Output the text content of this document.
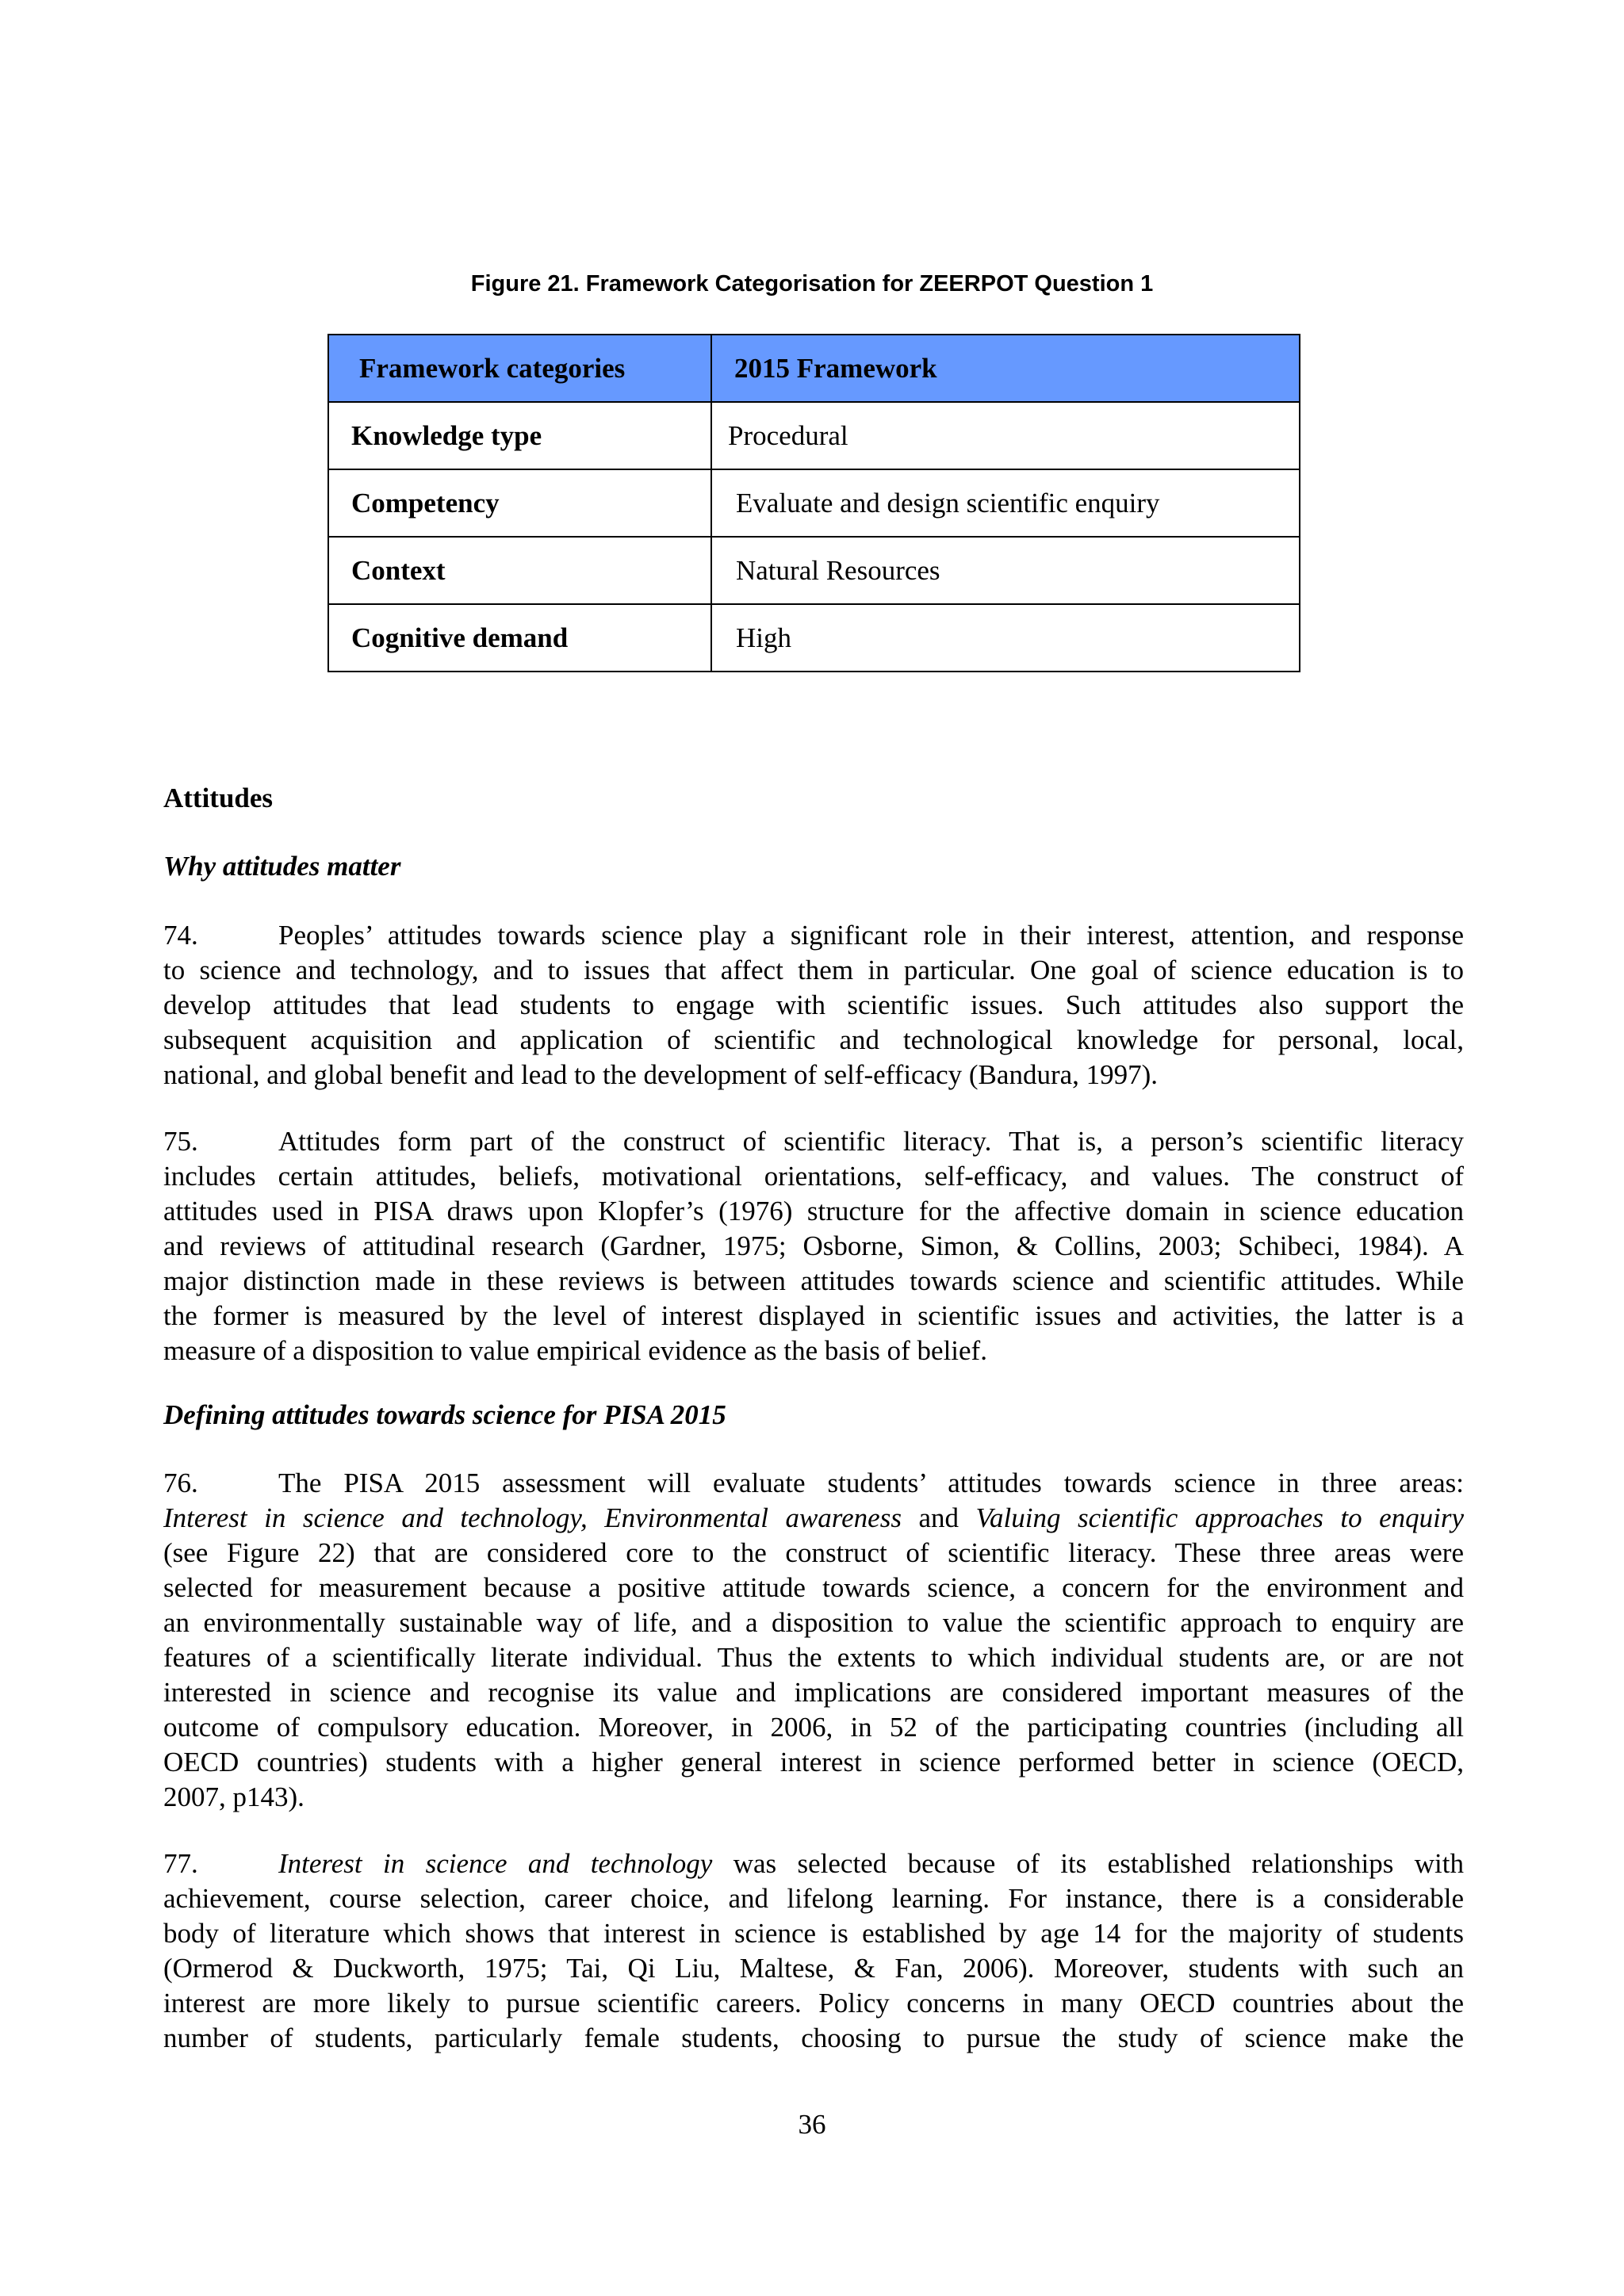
Figure 21. Framework Categorisation for ZEERPOT Question 1
Framework categories	2015 Framework
Knowledge type	Procedural
Competency	Evaluate and design scientific enquiry
Context	Natural Resources
Cognitive demand	High
Attitudes
Why attitudes matter
74.	Peoples’ attitudes towards science play a significant role in their interest, attention, and response
to science and technology, and to issues that affect them in particular. One goal of science education is to
develop attitudes that lead students to engage with scientific issues. Such attitudes also support the
subsequent acquisition and application of scientific and technological knowledge for personal, local,
national, and global benefit and lead to the development of self-efficacy (Bandura, 1997).
75.	Attitudes form part of the construct of scientific literacy. That is, a person’s scientific literacy
includes certain attitudes, beliefs, motivational orientations, self-efficacy, and values. The construct of
attitudes used in PISA draws upon Klopfer’s (1976) structure for the affective domain in science education
and reviews of attitudinal research (Gardner, 1975; Osborne, Simon, & Collins, 2003; Schibeci, 1984). A
major distinction made in these reviews is between attitudes towards science and scientific attitudes. While
the former is measured by the level of interest displayed in scientific issues and activities, the latter is a
measure of a disposition to value empirical evidence as the basis of belief.
Defining attitudes towards science for PISA 2015
76.	The PISA 2015 assessment will evaluate students’ attitudes towards science in three areas:
Interest in science and technology, Environmental awareness and Valuing scientific approaches to enquiry
(see Figure 22) that are considered core to the construct of scientific literacy. These three areas were
selected for measurement because a positive attitude towards science, a concern for the environment and
an environmentally sustainable way of life, and a disposition to value the scientific approach to enquiry are
features of a scientifically literate individual. Thus the extents to which individual students are, or are not
interested in science and recognise its value and implications are considered important measures of the
outcome of compulsory education. Moreover, in 2006, in 52 of the participating countries (including all
OECD countries) students with a higher general interest in science performed better in science (OECD,
2007, p143).
77.	Interest in science and technology was selected because of its established relationships with
achievement, course selection, career choice, and lifelong learning. For instance, there is a considerable
body of literature which shows that interest in science is established by age 14 for the majority of students
(Ormerod & Duckworth, 1975; Tai, Qi Liu, Maltese, & Fan, 2006). Moreover, students with such an
interest are more likely to pursue scientific careers. Policy concerns in many OECD countries about the
number of students, particularly female students, choosing to pursue the study of science make the
36
